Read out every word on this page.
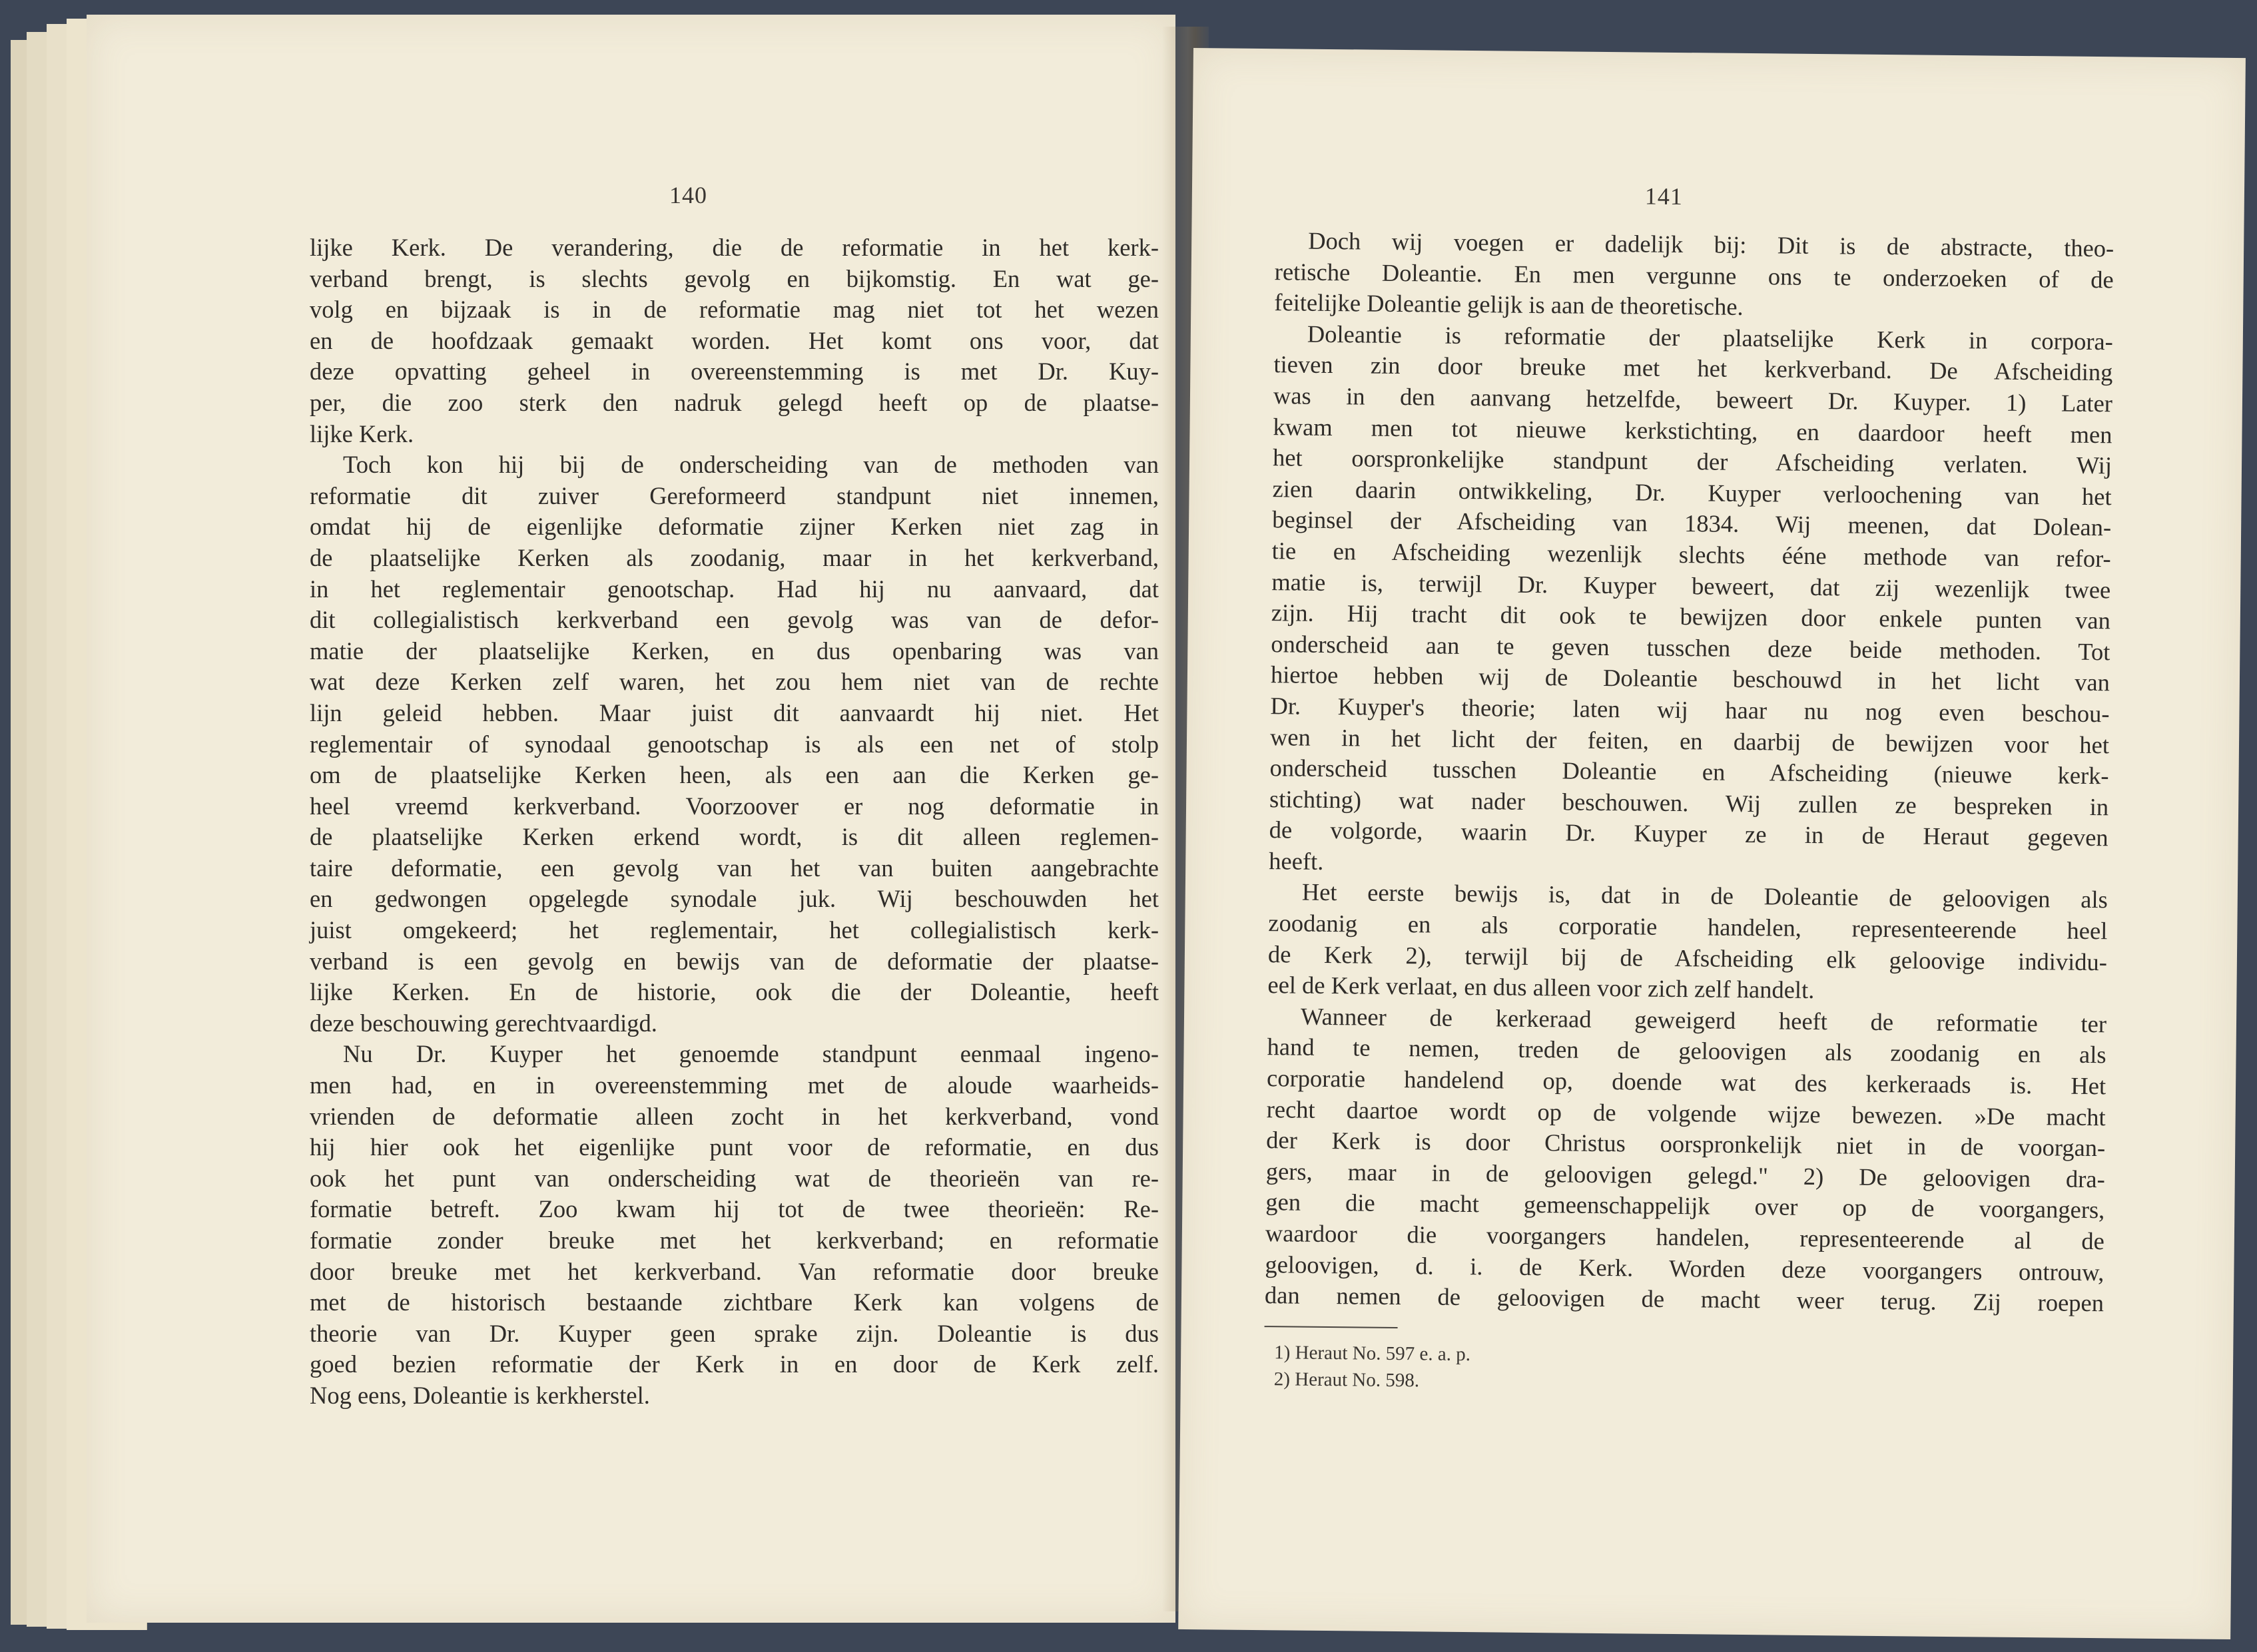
140
lijke Kerk. De verandering, die de reformatie in het kerk-
verband brengt, is slechts gevolg en bijkomstig. En wat ge-
volg en bijzaak is in de reformatie mag niet tot het wezen
en de hoofdzaak gemaakt worden. Het komt ons voor, dat
deze opvatting geheel in overeenstemming is met Dr. Kuy-
per, die zoo sterk den nadruk gelegd heeft op de plaatse-
lijke Kerk.
Toch kon hij bij de onderscheiding van de methoden van
reformatie dit zuiver Gereformeerd standpunt niet innemen,
omdat hij de eigenlijke deformatie zijner Kerken niet zag in
de plaatselijke Kerken als zoodanig, maar in het kerkverband,
in het reglementair genootschap. Had hij nu aanvaard, dat
dit collegialistisch kerkverband een gevolg was van de defor-
matie der plaatselijke Kerken, en dus openbaring was van
wat deze Kerken zelf waren, het zou hem niet van de rechte
lijn geleid hebben. Maar juist dit aanvaardt hij niet. Het
reglementair of synodaal genootschap is als een net of stolp
om de plaatselijke Kerken heen, als een aan die Kerken ge-
heel vreemd kerkverband. Voorzoover er nog deformatie in
de plaatselijke Kerken erkend wordt, is dit alleen reglemen-
taire deformatie, een gevolg van het van buiten aangebrachte
en gedwongen opgelegde synodale juk. Wij beschouwden het
juist omgekeerd; het reglementair, het collegialistisch kerk-
verband is een gevolg en bewijs van de deformatie der plaatse-
lijke Kerken. En de historie, ook die der Doleantie, heeft
deze beschouwing gerechtvaardigd.
Nu Dr. Kuyper het genoemde standpunt eenmaal ingeno-
men had, en in overeenstemming met de aloude waarheids-
vrienden de deformatie alleen zocht in het kerkverband, vond
hij hier ook het eigenlijke punt voor de reformatie, en dus
ook het punt van onderscheiding wat de theorieën van re-
formatie betreft. Zoo kwam hij tot de twee theorieën: Re-
formatie zonder breuke met het kerkverband; en reformatie
door breuke met het kerkverband. Van reformatie door breuke
met de historisch bestaande zichtbare Kerk kan volgens de
theorie van Dr. Kuyper geen sprake zijn. Doleantie is dus
goed bezien reformatie der Kerk in en door de Kerk zelf.
Nog eens, Doleantie is kerkherstel.
141
Doch wij voegen er dadelijk bij: Dit is de abstracte, theo-
retische Doleantie. En men vergunne ons te onderzoeken of de
feitelijke Doleantie gelijk is aan de theoretische.
Doleantie is reformatie der plaatselijke Kerk in corpora-
tieven zin door breuke met het kerkverband. De Afscheiding
was in den aanvang hetzelfde, beweert Dr. Kuyper. 1) Later
kwam men tot nieuwe kerkstichting, en daardoor heeft men
het oorspronkelijke standpunt der Afscheiding verlaten. Wij
zien daarin ontwikkeling, Dr. Kuyper verloochening van het
beginsel der Afscheiding van 1834. Wij meenen, dat Dolean-
tie en Afscheiding wezenlijk slechts ééne methode van refor-
matie is, terwijl Dr. Kuyper beweert, dat zij wezenlijk twee
zijn. Hij tracht dit ook te bewijzen door enkele punten van
onderscheid aan te geven tusschen deze beide methoden. Tot
hiertoe hebben wij de Doleantie beschouwd in het licht van
Dr. Kuyper's theorie; laten wij haar nu nog even beschou-
wen in het licht der feiten, en daarbij de bewijzen voor het
onderscheid tusschen Doleantie en Afscheiding (nieuwe kerk-
stichting) wat nader beschouwen. Wij zullen ze bespreken in
de volgorde, waarin Dr. Kuyper ze in de Heraut gegeven
heeft.
Het eerste bewijs is, dat in de Doleantie de geloovigen als
zoodanig en als corporatie handelen, representeerende heel
de Kerk 2), terwijl bij de Afscheiding elk geloovige individu-
eel de Kerk verlaat, en dus alleen voor zich zelf handelt.
Wanneer de kerkeraad geweigerd heeft de reformatie ter
hand te nemen, treden de geloovigen als zoodanig en als
corporatie handelend op, doende wat des kerkeraads is. Het
recht daartoe wordt op de volgende wijze bewezen. »De macht
der Kerk is door Christus oorspronkelijk niet in de voorgan-
gers, maar in de geloovigen gelegd." 2) De geloovigen dra-
gen die macht gemeenschappelijk over op de voorgangers,
waardoor die voorgangers handelen, representeerende al de
geloovigen, d. i. de Kerk. Worden deze voorgangers ontrouw,
dan nemen de geloovigen de macht weer terug. Zij roepen
1) Heraut No. 597 e. a. p.
2) Heraut No. 598.
